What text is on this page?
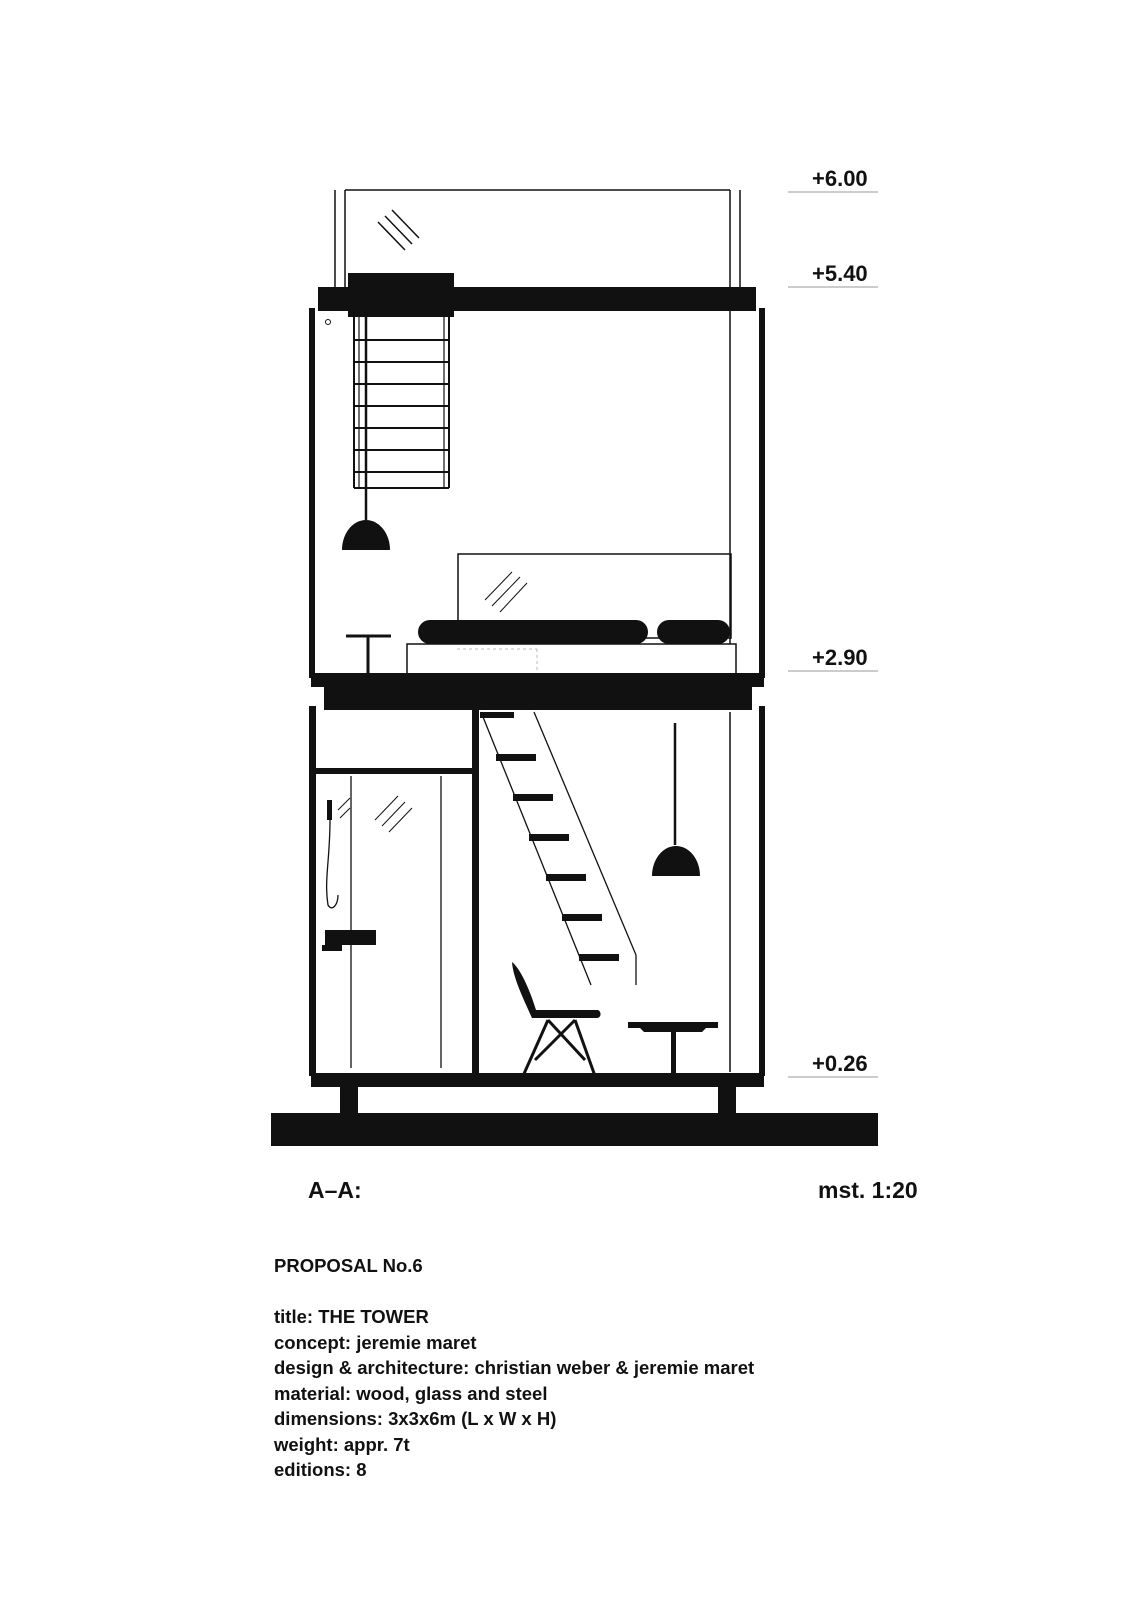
+6.00
+5.40
+2.90
+0.26
A–A:	mst. 1:20
PROPOSAL No.6
title: THE TOWER
concept: jeremie maret
design & architecture: christian weber & jeremie maret
material: wood, glass and steel
dimensions: 3x3x6m (L x W x H)
weight: appr. 7t
editions: 8
